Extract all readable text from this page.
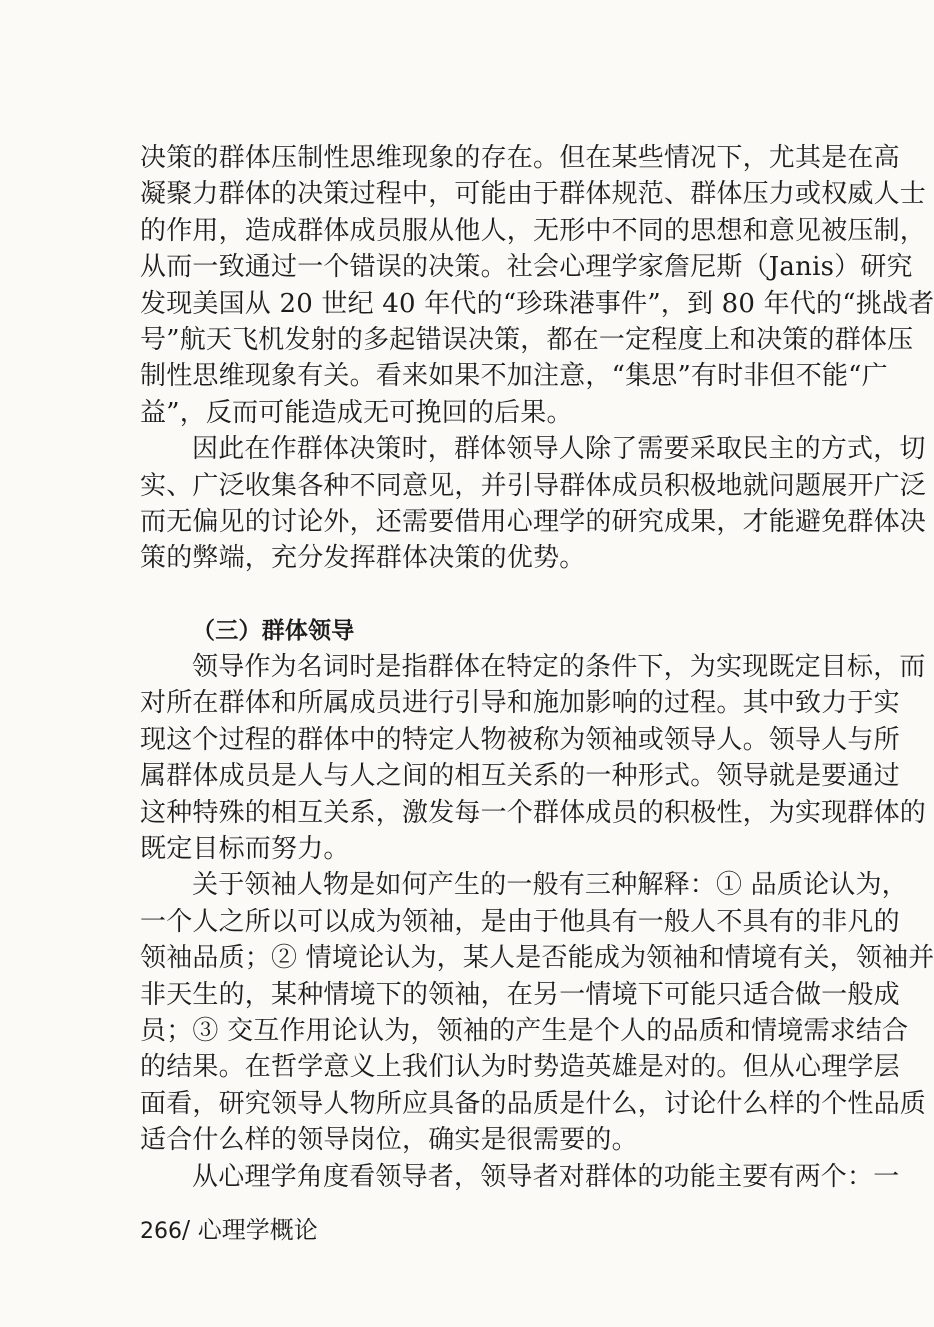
决策的群体压制性思维现象的存在。但在某些情况下，尤其是在高
凝聚力群体的决策过程中，可能由于群体规范、群体压力或权威人士
的作用，造成群体成员服从他人，无形中不同的思想和意见被压制，
从而一致通过一个错误的决策。社会心理学家詹尼斯（Janis）研究
发现美国从 20 世纪 40 年代的“珍珠港事件”，到 80 年代的“挑战者
号”航天飞机发射的多起错误决策，都在一定程度上和决策的群体压
制性思维现象有关。看来如果不加注意，“集思”有时非但不能“广
益”，反而可能造成无可挽回的后果。
因此在作群体决策时，群体领导人除了需要采取民主的方式，切
实、广泛收集各种不同意见，并引导群体成员积极地就问题展开广泛
而无偏见的讨论外，还需要借用心理学的研究成果，才能避免群体决
策的弊端，充分发挥群体决策的优势。
（三）群体领导
领导作为名词时是指群体在特定的条件下，为实现既定目标，而
对所在群体和所属成员进行引导和施加影响的过程。其中致力于实
现这个过程的群体中的特定人物被称为领袖或领导人。领导人与所
属群体成员是人与人之间的相互关系的一种形式。领导就是要通过
这种特殊的相互关系，激发每一个群体成员的积极性，为实现群体的
既定目标而努力。
关于领袖人物是如何产生的一般有三种解释：① 品质论认为，
一个人之所以可以成为领袖，是由于他具有一般人不具有的非凡的
领袖品质；② 情境论认为，某人是否能成为领袖和情境有关，领袖并
非天生的，某种情境下的领袖，在另一情境下可能只适合做一般成
员；③ 交互作用论认为，领袖的产生是个人的品质和情境需求结合
的结果。在哲学意义上我们认为时势造英雄是对的。但从心理学层
面看，研究领导人物所应具备的品质是什么，讨论什么样的个性品质
适合什么样的领导岗位，确实是很需要的。
从心理学角度看领导者，领导者对群体的功能主要有两个：一
266/ 心理学概论
